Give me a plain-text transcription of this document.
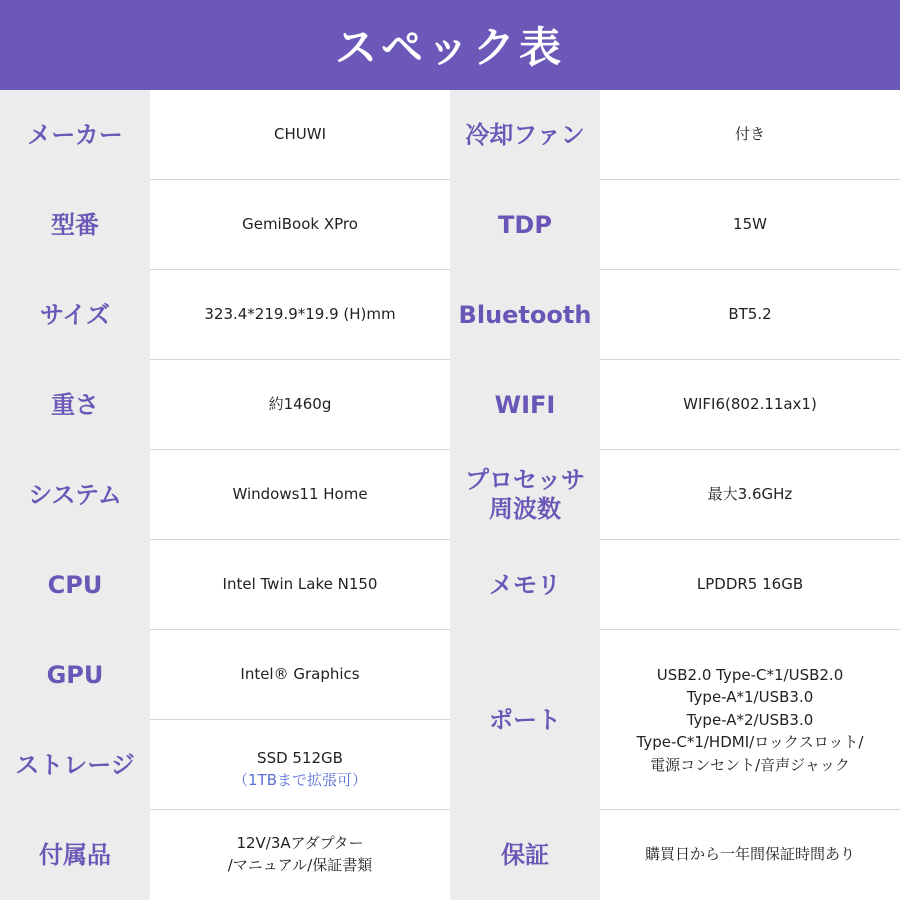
スペック表
メーカー
型番
サイズ
重さ
システム
CPU
GPU
ストレージ
付属品
CHUWI
GemiBook XPro
323.4*219.9*19.9 (H)mm
約1460g
Windows11 Home
Intel Twin Lake N150
Intel® Graphics
SSD 512GB
（1TBまで拡張可）
12V/3Aアダプター
/マニュアル/保証書類
冷却ファン
TDP
Bluetooth
WIFI
プロセッサ
周波数
メモリ
ポート
保証
付き
15W
BT5.2
WIFI6(802.11ax1)
最大3.6GHz
LPDDR5 16GB
USB2.0 Type-C*1/USB2.0
Type-A*1/USB3.0
Type-A*2/USB3.0
Type-C*1/HDMI/ロックスロット/
電源コンセント/音声ジャック
購買日から一年間保証時間あり
